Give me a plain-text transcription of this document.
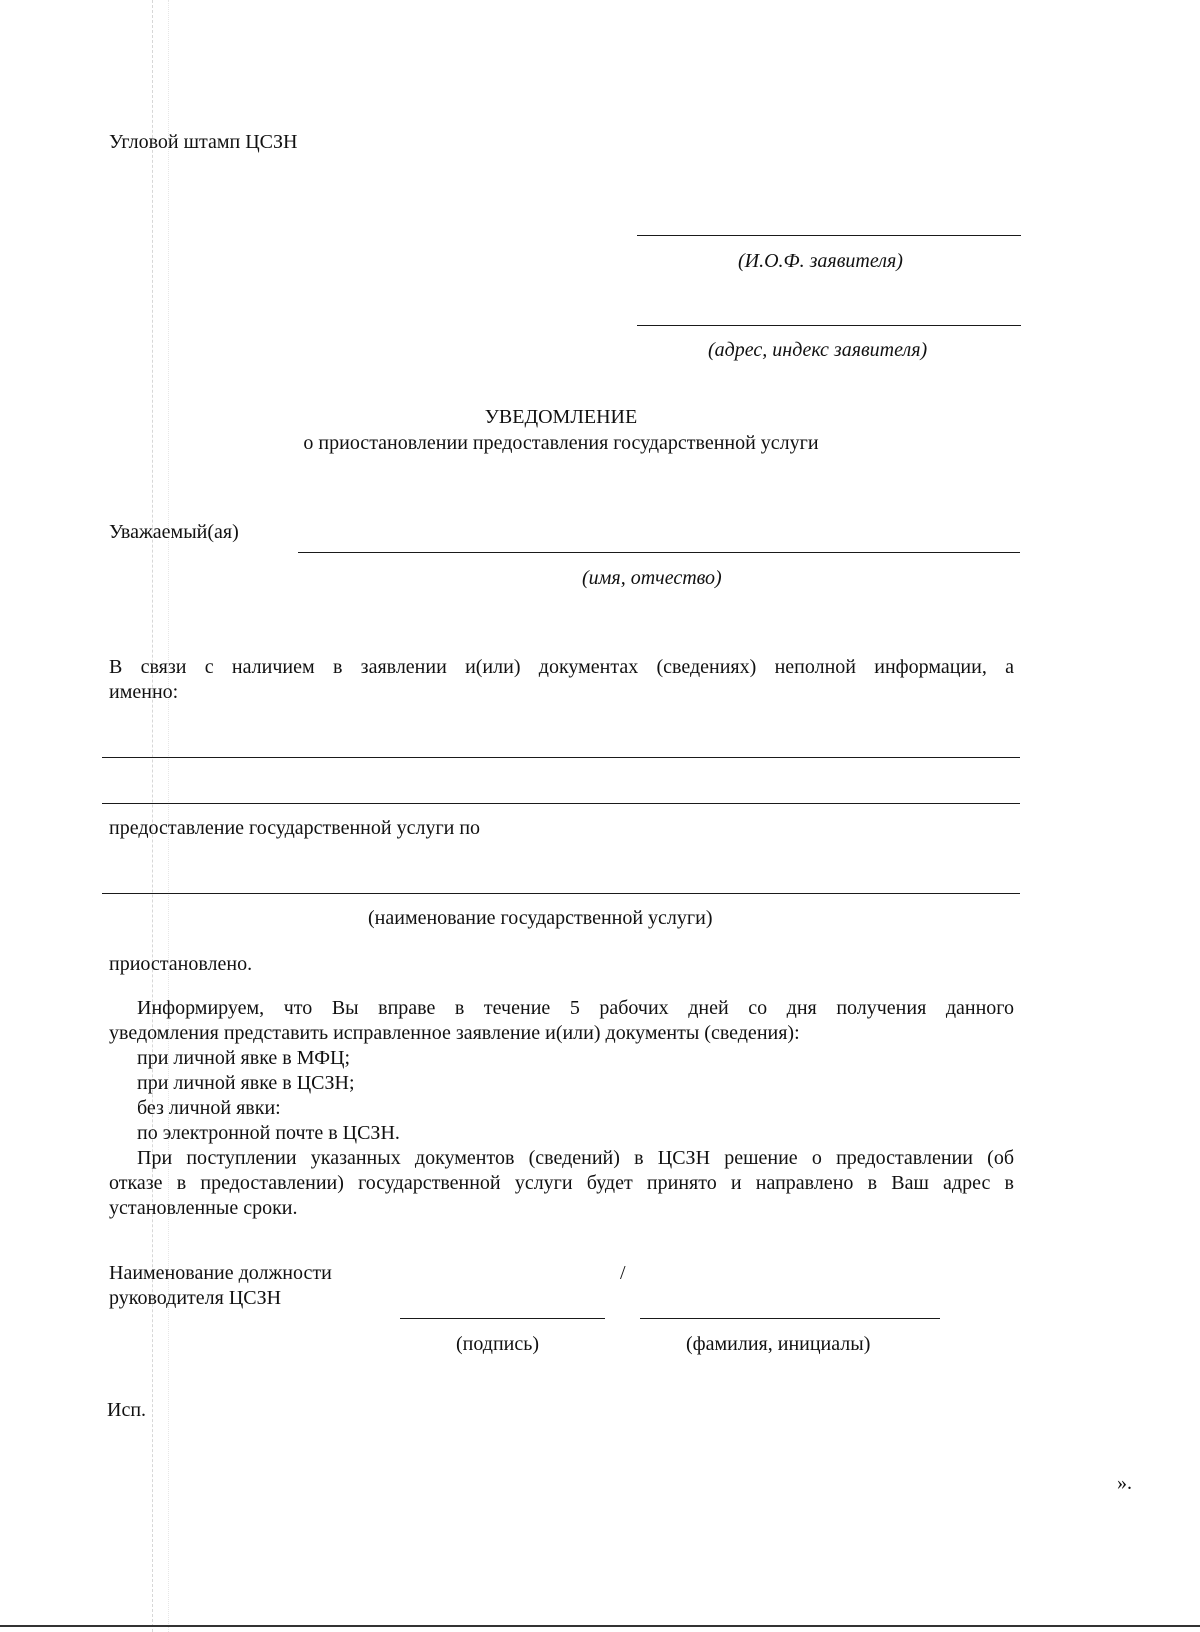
Угловой штамп ЦСЗН
(И.О.Ф. заявителя)
(адрес, индекс заявителя)
УВЕДОМЛЕНИЕ
о приостановлении предоставления государственной услуги
Уважаемый(ая)
(имя, отчество)
В связи с наличием в заявлении и(или) документах (сведениях) неполной информации, а
именно:
предоставление государственной услуги по
(наименование государственной услуги)
приостановлено.
Информируем, что Вы вправе в течение 5 рабочих дней со дня получения данного
уведомления представить исправленное заявление и(или) документы (сведения):
при личной явке в МФЦ;
при личной явке в ЦСЗН;
без личной явки:
по электронной почте в ЦСЗН.
При поступлении указанных документов (сведений) в ЦСЗН решение о предоставлении (об
отказе в предоставлении) государственной услуги будет принято и направлено в Ваш адрес в
установленные сроки.
Наименование должности
руководителя ЦСЗН
/
(подпись)	(фамилия, инициалы)
Исп.
».
